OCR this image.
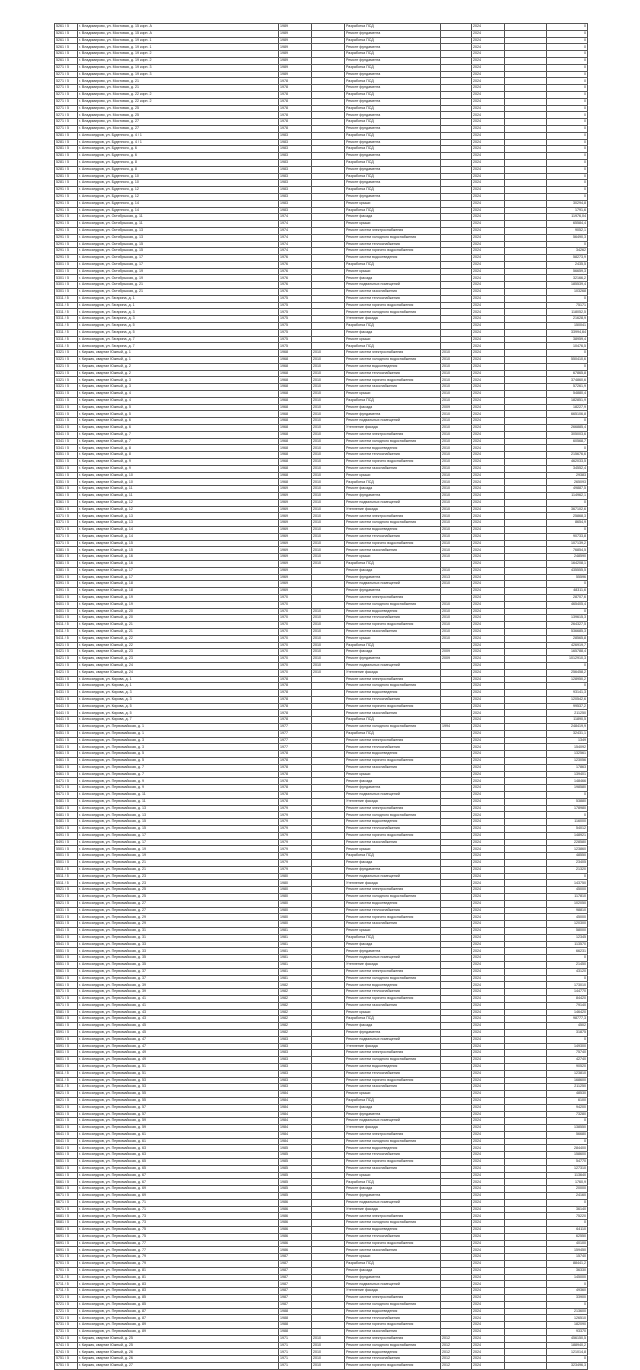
5261 / 5	г. Владимирово, ул. Мостовая, д. 15 корп. А	1989		Разработка ПСД		2024		0
5261 / 5	г. Владимирово, ул. Мостовая, д. 15 корп. А	1989		Ремонт фундамента		2024		0
5261 / 5	г. Владимирово, ул. Мостовая, д. 19 корп. 1	1989		Разработка ПСД		2024		0
5261 / 5	г. Владимирово, ул. Мостовая, д. 19 корп. 1	1989		Ремонт фундамента		2024		0
5261 / 5	г. Владимирово, ул. Мостовая, д. 19 корп. 2	1989		Разработка ПСД		2024		0
5261 / 5	г. Владимирово, ул. Мостовая, д. 19 корп. 2	1989		Ремонт фундамента		2024		0
5271 / 5	г. Владимирово, ул. Мостовая, д. 19 корп. 3	1989		Разработка ПСД		2024		0
5271 / 5	г. Владимирово, ул. Мостовая, д. 19 корп. 3	1989		Ремонт фундамента		2024		0
5271 / 5	г. Владимирово, ул. Мостовая, д. 21	1978		Разработка ПСД		2024		0
5271 / 5	г. Владимирово, ул. Мостовая, д. 21	1978		Ремонт фундамента		2024		0
5271 / 5	г. Владимирово, ул. Мостовая, д. 22 корп. 2	1978		Разработка ПСД		2024		0
5271 / 5	г. Владимирово, ул. Мостовая, д. 22 корп. 2	1978		Ремонт фундамента		2024		0
5271 / 5	г. Владимирово, ул. Мостовая, д. 25	1978		Разработка ПСД		2024		0
5271 / 5	г. Владимирово, ул. Мостовая, д. 25	1978		Ремонт фундамента		2024		0
5271 / 5	г. Владимирово, ул. Мостовая, д. 27	1978		Разработка ПСД		2024		0
5271 / 5	г. Владимирово, ул. Мостовая, д. 27	1978		Ремонт фундамента		2024		0
5281 / 5	г. Александров, ул. Буденного, д. 4 / 1	1983		Разработка ПСД		2024		0
5281 / 5	г. Александров, ул. Буденного, д. 4 / 1	1983		Ремонт фундамента		2024		0
5281 / 5	г. Александров, ул. Буденного, д. 6	1983		Разработка ПСД		2024		0
5281 / 5	г. Александров, ул. Буденного, д. 6	1983		Ремонт фундамента		2024		0
5281 / 5	г. Александров, ул. Буденного, д. 8	1983		Разработка ПСД		2024		0
5281 / 5	г. Александров, ул. Буденного, д. 8	1983		Ремонт фундамента		2024		0
5281 / 5	г. Александров, ул. Буденного, д. 10	1983		Разработка ПСД		2024		0
5281 / 5	г. Александров, ул. Буденного, д. 10	1983		Ремонт фундамента		2024		0
5291 / 5	г. Александров, ул. Буденного, д. 12	1983		Разработка ПСД		2024		0
5291 / 5	г. Александров, ул. Буденного, д. 12	1983		Ремонт фундамента		2024		0
5291 / 5	г. Александров, ул. Буденного, д. 14	1983		Ремонт крыши		2024		30294,8
5291 / 5	г. Александров, ул. Буденного, д. 14	1983		Разработка ПСД		2024		1791,6
5291 / 5	г. Александров, ул. Октябрьская, д. 11	1974		Ремонт фасада		2024		11976,04
5291 / 5	г. Александров, ул. Октябрьская, д. 11	1974		Ремонт крыши		2024		65584,4
5291 / 5	г. Александров, ул. Октябрьская, д. 13	1974		Ремонт систем электроснабжения		2024		9052,1
5291 / 5	г. Александров, ул. Октябрьская, д. 13	1974		Ремонт систем холодного водоснабжения		2024		56490,3
5291 / 5	г. Александров, ул. Октябрьская, д. 15	1974		Ремонт систем теплоснабжения		2024		0
5291 / 5	г. Александров, ул. Октябрьская, д. 15	1974		Ремонт систем горячего водоснабжения		2024		34262
5291 / 5	г. Александров, ул. Октябрьская, д. 17	1976		Ремонт систем водоотведения		2024		58273,9
5301 / 5	г. Александров, ул. Октябрьская, д. 17	1976		Разработка ПСД		2024		2435,5
5301 / 5	г. Александров, ул. Октябрьская, д. 19	1976		Ремонт крыши		2024		56659,3
5301 / 5	г. Александров, ул. Октябрьская, д. 19	1976		Ремонт фасада		2024		32166,2
5301 / 5	г. Александров, ул. Октябрьская, д. 21	1976		Ремонт подвальных помещений		2024		185539,4
5301 / 5	г. Александров, ул. Октябрьская, д. 21	1976		Ремонт систем газоснабжения		2024		103268
5311 / 5	г. Александров, ул. Гагарина, д. 1	1975		Ремонт систем теплоснабжения		2024		0
5311 / 5	г. Александров, ул. Гагарина, д. 1	1975		Ремонт систем горячего водоснабжения		2024		75171
5311 / 5	г. Александров, ул. Гагарина, д. 3	1975		Ремонт систем холодного водоснабжения		2024		118052,5
5311 / 5	г. Александров, ул. Гагарина, д. 3	1975		Утепление фасада		2024		21628,9
5311 / 5	г. Александров, ул. Гагарина, д. 5	1975		Разработка ПСД		2024		150041
5311 / 5	г. Александров, ул. Гагарина, д. 5	1975		Ремонт фасада		2024		33994,64
5311 / 5	г. Александров, ул. Гагарина, д. 7	1975		Ремонт крыши		2024		38959,4
5311 / 5	г. Александров, ул. Гагарина, д. 7	1975		Разработка ПСД		2024		10476,5
5321 / 5	г. Киржач, квартал Южный, д. 1	1968	2010	Ремонт систем электроснабжения	2010	2024		0
5321 / 5	г. Киржач, квартал Южный, д. 1	1968	2010	Ремонт систем холодного водоснабжения	2010	2024		550410,6
5321 / 5	г. Киржач, квартал Южный, д. 2	1968	2010	Ремонт систем водоотведения	2010	2024		0
5321 / 5	г. Киржач, квартал Южный, д. 2	1968	2010	Ремонт систем теплоснабжения	2010	2024		67865,8
5321 / 5	г. Киржач, квартал Южный, д. 3	1968	2010	Ремонт систем горячего водоснабжения	2010	2024		374860,6
5321 / 5	г. Киржач, квартал Южный, д. 3	1968	2010	Ремонт систем газоснабжения	2010	2024		57261,9
5331 / 5	г. Киржач, квартал Южный, д. 4	1968	2010	Ремонт крыши	2010	2024		54880,4
5331 / 5	г. Киржач, квартал Южный, д. 4	1968	2010	Разработка ПСД	2010	2024		182851,9
5331 / 5	г. Киржач, квартал Южный, д. 5	1968	2010	Ремонт фасада	2009	2024		18227,9
5331 / 5	г. Киржач, квартал Южный, д. 5	1968	2010	Ремонт фундамента	2010	2024		665106,8
5331 / 5	г. Киржач, квартал Южный, д. 6	1968	2010	Ремонт подвальных помещений	2010	2024		0
5341 / 5	г. Киржач, квартал Южный, д. 6	1968	2010	Утепление фасада	2010	2024		266885,4
5341 / 5	г. Киржач, квартал Южный, д. 7	1968	2010	Ремонт систем электроснабжения	2010	2024		305003,6
5341 / 5	г. Киржач, квартал Южный, д. 7	1968	2010	Ремонт систем холодного водоснабжения	2010	2024		60568,7
5341 / 5	г. Киржач, квартал Южный, д. 8	1968	2010	Ремонт систем водоотведения	2010	2024		0
5351 / 5	г. Киржач, квартал Южный, д. 8	1968	2010	Ремонт систем теплоснабжения	2010	2024		215676,6
5351 / 5	г. Киржач, квартал Южный, д. 9	1968	2010	Ремонт систем горячего водоснабжения	2010	2024		462033,5
5351 / 5	г. Киржач, квартал Южный, д. 9	1968	2010	Ремонт систем газоснабжения	2010	2024		34552,4
5351 / 5	г. Киржач, квартал Южный, д. 10	1968	2010	Ремонт крыши	2010	2024		29383
5351 / 5	г. Киржач, квартал Южный, д. 10	1968	2010	Разработка ПСД	2010	2024		265093
5361 / 5	г. Киржач, квартал Южный, д. 11	1969	2010	Ремонт фасада	2010	2024		49887,5
5361 / 5	г. Киржач, квартал Южный, д. 11	1969	2010	Ремонт фундамента	2010	2024		114962,1
5361 / 5	г. Киржач, квартал Южный, д. 12	1969	2010	Ремонт подвальных помещений	2010	2024		0
5361 / 5	г. Киржач, квартал Южный, д. 12	1969	2010	Утепление фасада	2010	2024		367102,6
5371 / 5	г. Киржач, квартал Южный, д. 13	1969	2010	Ремонт систем электроснабжения	2010	2024		25868,3
5371 / 5	г. Киржач, квартал Южный, д. 13	1969	2010	Ремонт систем холодного водоснабжения	2010	2024		8654,9
5371 / 5	г. Киржач, квартал Южный, д. 14	1969	2010	Ремонт систем водоотведения	2010	2024		0
5371 / 5	г. Киржач, квартал Южный, д. 14	1969	2010	Ремонт систем теплоснабжения	2010	2024		90733,8
5371 / 5	г. Киржач, квартал Южный, д. 15	1969	2010	Ремонт систем горячего водоснабжения	2010	2024		107139,2
5381 / 5	г. Киржач, квартал Южный, д. 15	1969	2010	Ремонт систем газоснабжения	2010	2024		76854,5
5381 / 5	г. Киржач, квартал Южный, д. 16	1969	2010	Ремонт крыши	2010	2024		248590
5381 / 5	г. Киржач, квартал Южный, д. 16	1969	2010	Разработка ПСД		2024		164208,1
5381 / 5	г. Киржач, квартал Южный, д. 17	1969		Ремонт фасада	2010	2024		435555,5
5391 / 5	г. Киржач, квартал Южный, д. 17	1969		Ремонт фундамента	2013	2024		55596
5391 / 5	г. Киржач, квартал Южный, д. 18	1969		Ремонт подвальных помещений	2010	2024		0
5391 / 5	г. Киржач, квартал Южный, д. 18	1969		Ремонт фундамента		2024		48311,6
5401 / 5	г. Киржач, квартал Южный, д. 19	1970		Ремонт систем электроснабжения		2024		28707,6
5401 / 5	г. Киржач, квартал Южный, д. 19	1970		Ремонт систем холодного водоснабжения	2010	2024		465405,4
5401 / 5	г. Киржач, квартал Южный, д. 20	1970	2010	Ремонт систем водоотведения	2010	2024		0
5401 / 5	г. Киржач, квартал Южный, д. 20	1970	2010	Ремонт систем теплоснабжения	2010	2024		139615,3
5411 / 5	г. Киржач, квартал Южный, д. 21	1970	2010	Ремонт систем горячего водоснабжения	2010	2024		264327,5
5411 / 5	г. Киржач, квартал Южный, д. 21	1970	2010	Ремонт систем газоснабжения	2010	2024		536685,3
5411 / 5	г. Киржач, квартал Южный, д. 22	1970	2010	Ремонт крыши	2010	2024		28565,8
5421 / 5	г. Киржач, квартал Южный, д. 22	1970	2010	Разработка ПСД		2024		426919,7
5421 / 5	г. Киржач, квартал Южный, д. 23	1970	2010	Ремонт фасада	2009	2024		165788,4
5421 / 5	г. Киржач, квартал Южный, д. 23	1970	2010	Ремонт фундамента	2009	2024		1012910,3
5421 / 5	г. Киржач, квартал Южный, д. 24	1970	2010	Ремонт подвальных помещений		2024		0
5421 / 5	г. Киржач, квартал Южный, д. 24	1970	2010	Утепление фасада		2024		256458,2
5431 / 5	г. Александров, ул. Кирова, д. 1	1978		Ремонт систем электроснабжения		2024		128950,2
5431 / 5	г. Александров, ул. Кирова, д. 1	1978		Ремонт систем холодного водоснабжения		2024		0
5431 / 5	г. Александров, ул. Кирова, д. 3	1978		Ремонт систем водоотведения		2024		93141,3
5431 / 5	г. Александров, ул. Кирова, д. 3	1978		Ремонт систем теплоснабжения		2024		120542,6
5441 / 5	г. Александров, ул. Кирова, д. 5	1978		Ремонт систем горячего водоснабжения		2024		99537,2
5441 / 5	г. Александров, ул. Кирова, д. 5	1978		Ремонт систем газоснабжения		2024		211250
5441 / 5	г. Александров, ул. Кирова, д. 7	1978		Разработка ПСД		2024		11890,5
5451 / 5	г. Александров, ул. Первомайская, д. 1	1977		Ремонт систем холодного водоснабжения	1994	2024		248419,9
5451 / 5	г. Александров, ул. Первомайская, д. 1	1977		Разработка ПСД		2024		32431,1
5451 / 5	г. Александров, ул. Первомайская, д. 3	1977		Ремонт систем электроснабжения		2024		1349
5451 / 5	г. Александров, ул. Первомайская, д. 3	1977		Ремонт систем теплоснабжения		2024		154092
5461 / 5	г. Александров, ул. Первомайская, д. 5	1978		Ремонт систем водоотведения		2024		132561
5461 / 5	г. Александров, ул. Первомайская, д. 5	1978		Ремонт систем горячего водоснабжения		2024		123056
5461 / 5	г. Александров, ул. Первомайская, д. 7	1978		Ремонт систем газоснабжения		2024		17863
5461 / 5	г. Александров, ул. Первомайская, д. 7	1978		Ремонт крыши		2024		139401
5471 / 5	г. Александров, ул. Первомайская, д. 9	1978		Ремонт фасада		2024		148466
5471 / 5	г. Александров, ул. Первомайская, д. 9	1978		Ремонт фундамента		2024		198580
5471 / 5	г. Александров, ул. Первомайская, д. 11	1978		Ремонт подвальных помещений		2024		0
5481 / 5	г. Александров, ул. Первомайская, д. 11	1978		Утепление фасада		2024		53880
5481 / 5	г. Александров, ул. Первомайская, д. 13	1979		Ремонт систем электроснабжения		2024		178980
5481 / 5	г. Александров, ул. Первомайская, д. 13	1979		Ремонт систем холодного водоснабжения		2024		0
5481 / 5	г. Александров, ул. Первомайская, д. 15	1979		Ремонт систем водоотведения		2024		116000
5491 / 5	г. Александров, ул. Первомайская, д. 15	1979		Ремонт систем теплоснабжения		2024		54012
5491 / 5	г. Александров, ул. Первомайская, д. 17	1979		Ремонт систем горячего водоснабжения		2024		148921
5491 / 5	г. Александров, ул. Первомайская, д. 17	1979		Ремонт систем газоснабжения		2024		228580
5501 / 5	г. Александров, ул. Первомайская, д. 19	1979		Ремонт крыши		2024		123860
5501 / 5	г. Александров, ул. Первомайская, д. 19	1979		Разработка ПСД		2024		48550
5501 / 5	г. Александров, ул. Первомайская, д. 21	1979		Ремонт фасада		2024		23405
5511 / 5	г. Александров, ул. Первомайская, д. 21	1979		Ремонт фундамента		2024		21320
5511 / 5	г. Александров, ул. Первомайская, д. 23	1980		Ремонт подвальных помещений		2024		0
5511 / 5	г. Александров, ул. Первомайская, д. 23	1980		Утепление фасада		2024		143750
5521 / 5	г. Александров, ул. Первомайская, д. 25	1980		Ремонт систем электроснабжения		2024		45000
5521 / 5	г. Александров, ул. Первомайская, д. 25	1980		Ремонт систем холодного водоснабжения		2024		117810
5521 / 5	г. Александров, ул. Первомайская, д. 27	1980		Ремонт систем водоотведения		2024		102050
5531 / 5	г. Александров, ул. Первомайская, д. 27	1980		Ремонт систем теплоснабжения		2024		98810
5531 / 5	г. Александров, ул. Первомайская, д. 29	1980		Ремонт систем горячего водоснабжения		2024		45000
5531 / 5	г. Александров, ул. Первомайская, д. 29	1980		Ремонт систем газоснабжения		2024		120300
5541 / 5	г. Александров, ул. Первомайская, д. 31	1981		Ремонт крыши		2024		58000
5541 / 5	г. Александров, ул. Первомайская, д. 31	1981		Разработка ПСД		2024		12345
5541 / 5	г. Александров, ул. Первомайская, д. 33	1981		Ремонт фасада		2024		113570
5551 / 5	г. Александров, ул. Первомайская, д. 33	1981		Ремонт фундамента		2024		66231
5551 / 5	г. Александров, ул. Первомайская, д. 35	1981		Ремонт подвальных помещений		2024		0
5551 / 5	г. Александров, ул. Первомайская, д. 35	1981		Утепление фасада		2024		21450
5561 / 5	г. Александров, ул. Первомайская, д. 37	1981		Ремонт систем электроснабжения		2024		43120
5561 / 5	г. Александров, ул. Первомайская, д. 37	1981		Ремонт систем холодного водоснабжения		2024		0
5561 / 5	г. Александров, ул. Первомайская, д. 39	1982		Ремонт систем водоотведения		2024		173010
5571 / 5	г. Александров, ул. Первомайская, д. 39	1982		Ремонт систем теплоснабжения		2024		144770
5571 / 5	г. Александров, ул. Первомайская, д. 41	1982		Ремонт систем горячего водоснабжения		2024		84420
5571 / 5	г. Александров, ул. Первомайская, д. 41	1982		Ремонт систем газоснабжения		2024		79140
5581 / 5	г. Александров, ул. Первомайская, д. 43	1982		Ремонт крыши		2024		146420
5581 / 5	г. Александров, ул. Первомайская, д. 43	1982		Разработка ПСД		2024		98777,3
5581 / 5	г. Александров, ул. Первомайская, д. 45	1982		Ремонт фасада		2024		4502
5591 / 5	г. Александров, ул. Первомайская, д. 45	1982		Ремонт фундамента		2024		31875
5591 / 5	г. Александров, ул. Первомайская, д. 47	1983		Ремонт подвальных помещений		2024		0
5591 / 5	г. Александров, ул. Первомайская, д. 47	1983		Утепление фасада		2024		149300
5601 / 5	г. Александров, ул. Первомайская, д. 49	1983		Ремонт систем электроснабжения		2024		75740
5601 / 5	г. Александров, ул. Первомайская, д. 49	1983		Ремонт систем холодного водоснабжения		2024		42740
5601 / 5	г. Александров, ул. Первомайская, д. 51	1983		Ремонт систем водоотведения		2024		90520
5611 / 5	г. Александров, ул. Первомайская, д. 51	1983		Ремонт систем теплоснабжения		2024		123810
5611 / 5	г. Александров, ул. Первомайская, д. 53	1983		Ремонт систем горячего водоснабжения		2024		168600
5611 / 5	г. Александров, ул. Первомайская, д. 53	1983		Ремонт систем газоснабжения		2024		211250
5621 / 5	г. Александров, ул. Первомайская, д. 55	1984		Ремонт крыши		2024		48530
5621 / 5	г. Александров, ул. Первомайская, д. 55	1984		Разработка ПСД		2024		6100
5621 / 5	г. Александров, ул. Первомайская, д. 57	1984		Ремонт фасада		2024		94200
5631 / 5	г. Александров, ул. Первомайская, д. 57	1984		Ремонт фундамента		2024		73280
5631 / 5	г. Александров, ул. Первомайская, д. 59	1984		Ремонт подвальных помещений		2024		0
5631 / 5	г. Александров, ул. Первомайская, д. 59	1984		Утепление фасада		2024		138550
5641 / 5	г. Александров, ул. Первомайская, д. 61	1984		Ремонт систем электроснабжения		2024		56680
5641 / 5	г. Александров, ул. Первомайская, д. 61	1984		Ремонт систем холодного водоснабжения		2024		0
5641 / 5	г. Александров, ул. Первомайская, д. 63	1985		Ремонт систем водоотведения		2024		284400
5651 / 5	г. Александров, ул. Первомайская, д. 63	1985		Ремонт систем теплоснабжения		2024		158600
5651 / 5	г. Александров, ул. Первомайская, д. 65	1985		Ремонт систем горячего водоснабжения		2024		54770
5651 / 5	г. Александров, ул. Первомайская, д. 65	1985		Ремонт систем газоснабжения		2024		127310
5661 / 5	г. Александров, ул. Первомайская, д. 67	1985		Ремонт крыши		2024		113640
5661 / 5	г. Александров, ул. Первомайская, д. 67	1985		Разработка ПСД		2024		1760,9
5661 / 5	г. Александров, ул. Первомайская, д. 69	1985		Ремонт фасада		2024		20000
5671 / 5	г. Александров, ул. Первомайская, д. 69	1985		Ремонт фундамента		2024		24160
5671 / 5	г. Александров, ул. Первомайская, д. 71	1986		Ремонт подвальных помещений		2024		0
5671 / 5	г. Александров, ул. Первомайская, д. 71	1986		Утепление фасада		2024		36140
5681 / 5	г. Александров, ул. Первомайская, д. 73	1986		Ремонт систем электроснабжения		2024		75220
5681 / 5	г. Александров, ул. Первомайская, д. 73	1986		Ремонт систем холодного водоснабжения		2024		0
5681 / 5	г. Александров, ул. Первомайская, д. 75	1986		Ремонт систем водоотведения		2024		64110
5691 / 5	г. Александров, ул. Первомайская, д. 75	1986		Ремонт систем теплоснабжения		2024		62550
5691 / 5	г. Александров, ул. Первомайская, д. 77	1986		Ремонт систем горячего водоснабжения		2024		40100
5691 / 5	г. Александров, ул. Первомайская, д. 77	1986		Ремонт систем газоснабжения		2024		159450
5701 / 5	г. Александров, ул. Первомайская, д. 79	1987		Ремонт крыши		2024		15740
5701 / 5	г. Александров, ул. Первомайская, д. 79	1987		Разработка ПСД		2024		88441,2
5701 / 5	г. Александров, ул. Первомайская, д. 81	1987		Ремонт фасада		2024		36330
5711 / 5	г. Александров, ул. Первомайская, д. 81	1987		Ремонт фундамента		2024		145000
5711 / 5	г. Александров, ул. Первомайская, д. 83	1987		Ремонт подвальных помещений		2024		0
5711 / 5	г. Александров, ул. Первомайская, д. 83	1987		Утепление фасада		2024		49360
5721 / 5	г. Александров, ул. Первомайская, д. 85	1987		Ремонт систем электроснабжения		2024		33900
5721 / 5	г. Александров, ул. Первомайская, д. 85	1987		Ремонт систем холодного водоснабжения		2024		0
5721 / 5	г. Александров, ул. Первомайская, д. 87	1988		Ремонт систем водоотведения		2024		213600
5731 / 5	г. Александров, ул. Первомайская, д. 87	1988		Ремонт систем теплоснабжения		2024		126510
5731 / 5	г. Александров, ул. Первомайская, д. 89	1988		Ремонт систем горячего водоснабжения		2024		182090
5731 / 5	г. Александров, ул. Первомайская, д. 89	1988		Ремонт систем газоснабжения		2024		93370
5741 / 5	г. Киржач, квартал Южный, д. 25	1971	2010	Ремонт систем электроснабжения	2012	2024		456150,5
5741 / 5	г. Киржач, квартал Южный, д. 25	1971	2010	Ремонт систем холодного водоснабжения	2012	2024		188940,2
5741 / 5	г. Киржач, квартал Южный, д. 26	1971	2010	Ремонт систем водоотведения	2012	2024		121014,8
5751 / 5	г. Киржач, квартал Южный, д. 26	1971	2010	Ремонт систем теплоснабжения	2012	2024		0
5751 / 5	г. Киржач, квартал Южный, д. 27	1971	2010	Ремонт систем горячего водоснабжения	2012	2024		323496,3
